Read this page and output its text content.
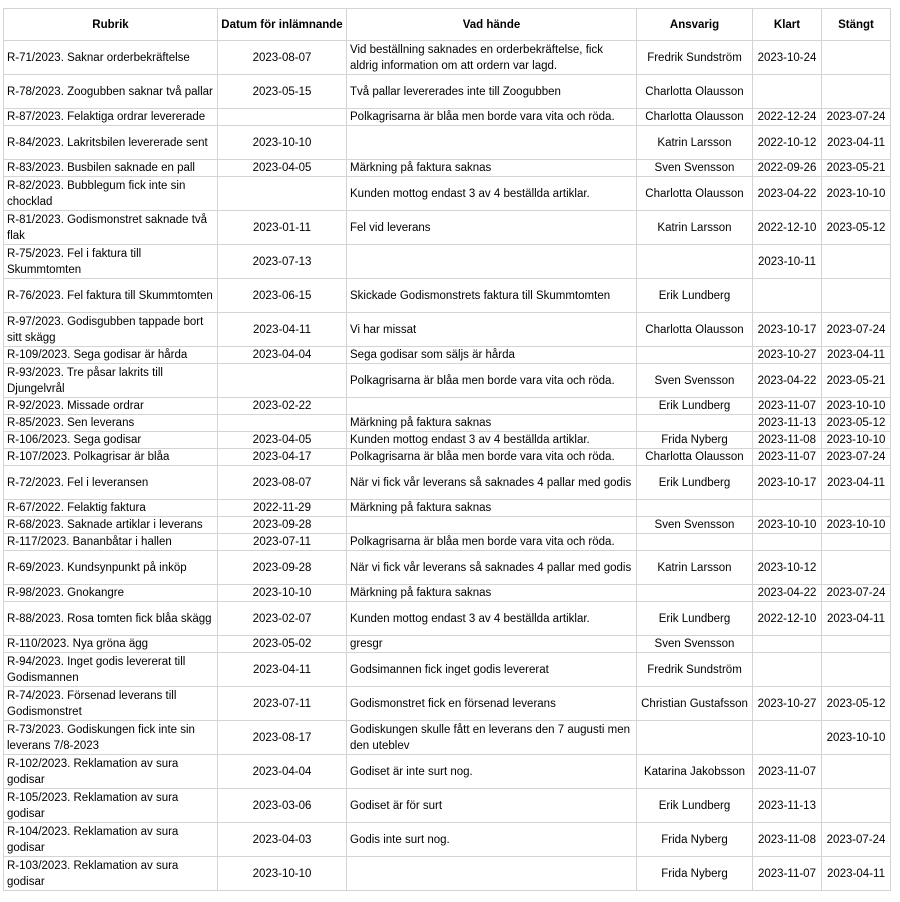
Rubrik	Datum för inlämnande	Vad hände	Ansvarig	Klart	Stängt
R-71/2023. Saknar orderbekräftelse	2023-08-07	Vid beställning saknades en orderbekräftelse, fick aldrig information om att ordern var lagd.	Fredrik Sundström	2023-10-24	
R-78/2023. Zoogubben saknar två pallar	2023-05-15	Två pallar levererades inte till Zoogubben	Charlotta Olausson		
R-87/2023. Felaktiga ordrar levererade		Polkagrisarna är blåa men borde vara vita och röda.	Charlotta Olausson	2022-12-24	2023-07-24
R-84/2023. Lakritsbilen levererade sent	2023-10-10		Katrin Larsson	2022-10-12	2023-04-11
R-83/2023. Busbilen saknade en pall	2023-04-05	Märkning på faktura saknas	Sven Svensson	2022-09-26	2023-05-21
R-82/2023. Bubblegum fick inte sin chocklad		Kunden mottog endast 3 av 4 beställda artiklar.	Charlotta Olausson	2023-04-22	2023-10-10
R-81/2023. Godismonstret saknade två flak	2023-01-11	Fel vid leverans	Katrin Larsson	2022-12-10	2023-05-12
R-75/2023. Fel i faktura till Skummtomten	2023-07-13			2023-10-11	
R-76/2023. Fel faktura till Skummtomten	2023-06-15	Skickade Godismonstrets faktura till Skummtomten	Erik Lundberg		
R-97/2023. Godisgubben tappade bort sitt skägg	2023-04-11	Vi har missat	Charlotta Olausson	2023-10-17	2023-07-24
R-109/2023. Sega godisar är hårda	2023-04-04	Sega godisar som säljs är hårda		2023-10-27	2023-04-11
R-93/2023. Tre påsar lakrits till Djungelvrål		Polkagrisarna är blåa men borde vara vita och röda.	Sven Svensson	2023-04-22	2023-05-21
R-92/2023. Missade ordrar	2023-02-22		Erik Lundberg	2023-11-07	2023-10-10
R-85/2023. Sen leverans		Märkning på faktura saknas		2023-11-13	2023-05-12
R-106/2023. Sega godisar	2023-04-05	Kunden mottog endast 3 av 4 beställda artiklar.	Frida Nyberg	2023-11-08	2023-10-10
R-107/2023. Polkagrisar är blåa	2023-04-17	Polkagrisarna är blåa men borde vara vita och röda.	Charlotta Olausson	2023-11-07	2023-07-24
R-72/2023. Fel i leveransen	2023-08-07	När vi fick vår leverans så saknades 4 pallar med godis	Erik Lundberg	2023-10-17	2023-04-11
R-67/2022. Felaktig faktura	2022-11-29	Märkning på faktura saknas			
R-68/2023. Saknade artiklar i leverans	2023-09-28		Sven Svensson	2023-10-10	2023-10-10
R-117/2023. Bananbåtar i hallen	2023-07-11	Polkagrisarna är blåa men borde vara vita och röda.			
R-69/2023. Kundsynpunkt på inköp	2023-09-28	När vi fick vår leverans så saknades 4 pallar med godis	Katrin Larsson	2023-10-12	
R-98/2023. Gnokangre	2023-10-10	Märkning på faktura saknas		2023-04-22	2023-07-24
R-88/2023. Rosa tomten fick blåa skägg	2023-02-07	Kunden mottog endast 3 av 4 beställda artiklar.	Erik Lundberg	2022-12-10	2023-04-11
R-110/2023. Nya gröna ägg	2023-05-02	gresgr	Sven Svensson		
R-94/2023. Inget godis levererat till Godismannen	2023-04-11	Godsimannen fick inget godis levererat	Fredrik Sundström		
R-74/2023. Försenad leverans till Godismonstret	2023-07-11	Godismonstret fick en försenad leverans	Christian Gustafsson	2023-10-27	2023-05-12
R-73/2023. Godiskungen fick inte sin leverans 7/8-2023	2023-08-17	Godiskungen skulle fått en leverans den 7 augusti men den uteblev			2023-10-10
R-102/2023. Reklamation av sura godisar	2023-04-04	Godiset är inte surt nog.	Katarina Jakobsson	2023-11-07	
R-105/2023. Reklamation av sura godisar	2023-03-06	Godiset är för surt	Erik Lundberg	2023-11-13	
R-104/2023. Reklamation av sura godisar	2023-04-03	Godis inte surt nog.	Frida Nyberg	2023-11-08	2023-07-24
R-103/2023. Reklamation av sura godisar	2023-10-10		Frida Nyberg	2023-11-07	2023-04-11
